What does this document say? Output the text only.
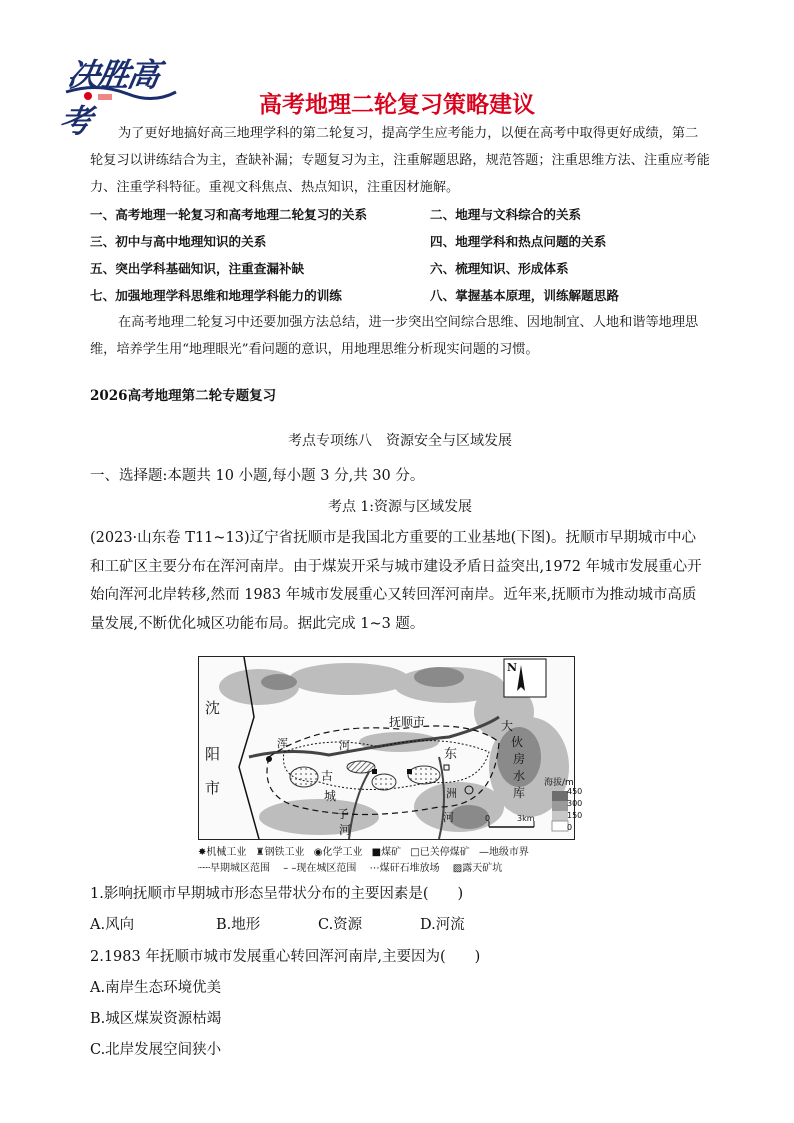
决胜高考	高考地理二轮复习策略建议
为了更好地搞好高三地理学科的第二轮复习，提高学生应考能力，以便在高考中取得更好成绩，第二轮复习以讲练结合为主，查缺补漏；专题复习为主，注重解题思路，规范答题；注重思维方法、注重应考能力、注重学科特征。重视文科焦点、热点知识，注重因材施解。
一、高考地理一轮复习和高考地理二轮复习的关系	二、地理与文科综合的关系
三、初中与高中地理知识的关系	四、地理学科和热点问题的关系
五、突出学科基础知识，注重查漏补缺	六、梳理知识、形成体系
七、加强地理学科思维和地理学科能力的训练	八、掌握基本原理，训练解题思路
在高考地理二轮复习中还要加强方法总结，进一步突出空间综合思维、因地制宜、人地和谐等地理思维，培养学生用“地理眼光”看问题的意识，用地理思维分析现实问题的习惯。
2026高考地理第二轮专题复习
考点专项练八　资源安全与区域发展
一、选择题:本题共 10 小题,每小题 3 分,共 30 分。
考点 1:资源与区域发展
(2023·山东卷 T11~13)辽宁省抚顺市是我国北方重要的工业基地(下图)。抚顺市早期城市中心和工矿区主要分布在浑河南岸。由于煤炭开采与城市建设矛盾日益突出,1972 年城市发展重心开始向浑河北岸转移,然而 1983 年城市发展重心又转回浑河南岸。近年来,抚顺市为推动城市高质量发展,不断优化城区功能布局。据此完成 1~3 题。
沈
阳
市
抚顺市
浑	河
东
洲
河
古
城
子
河
大
伙
房
水
库
N
海拔/m
450
300
150
0
0	3km
✸机械工业 ♜钢铁工业 ◉化学工业 ■煤矿 □已关停煤矿 —地级市界
┈┈早期城区范围 – –现在城区范围 ⋯煤矸石堆放场 ▨露天矿坑
1.影响抚顺市早期城市形态呈带状分布的主要因素是(　　)
A.风向	B.地形	C.资源	D.河流
2.1983 年抚顺市城市发展重心转回浑河南岸,主要因为(　　)
A.南岸生态环境优美
B.城区煤炭资源枯竭
C.北岸发展空间狭小
